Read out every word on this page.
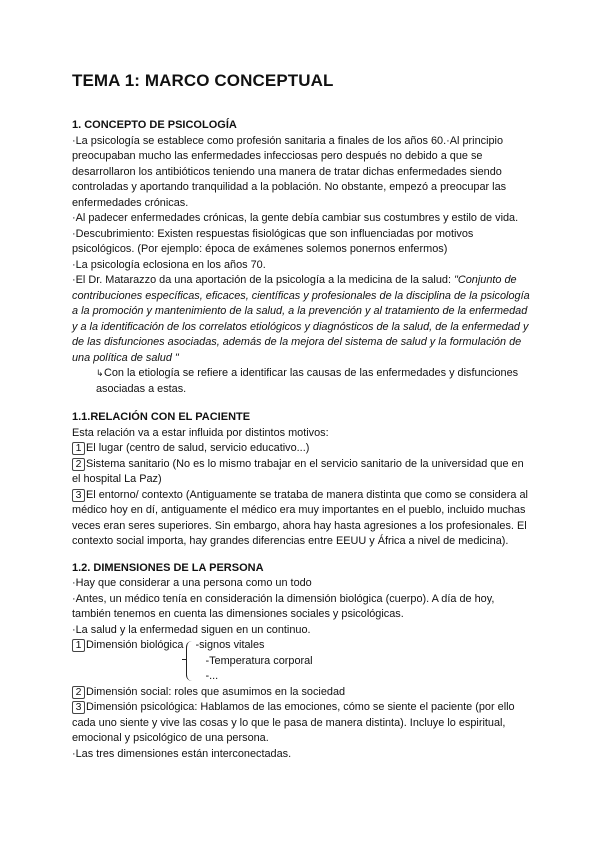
TEMA 1: MARCO CONCEPTUAL
1. CONCEPTO DE PSICOLOGÍA

·La psicología se establece como profesión sanitaria a finales de los años 60.·Al principio preocupaban mucho las enfermedades infecciosas pero después no debido a que se desarrollaron los antibióticos teniendo una manera de tratar dichas enfermedades siendo controladas y aportando tranquilidad a la población. No obstante, empezó a preocupar las enfermedades crónicas.

·Al padecer enfermedades crónicas, la gente debía cambiar sus costumbres y estilo de vida.

·Descubrimiento: Existen respuestas fisiológicas que son influenciadas por motivos psicológicos. (Por ejemplo: época de exámenes solemos ponernos enfermos)

·La psicología eclosiona en los años 70.

·El Dr. Matarazzo da una aportación de la psicología a la medicina de la salud: "Conjunto de contribuciones específicas, eficaces, científicas y profesionales de la disciplina de la psicología a la promoción y mantenimiento de la salud, a la prevención y al tratamiento de la enfermedad y a la identificación de los correlatos etiológicos y diagnósticos de la salud, de la enfermedad y de las disfunciones asociadas, además de la mejora del sistema de salud y la formulación de una política de salud "

↳Con la etiología se refiere a identificar las causas de las enfermedades y disfunciones asociadas a estas.

1.1.RELACIÓN CON EL PACIENTE

Esta relación va a estar influida por distintos motivos:

1 El lugar (centro de salud, servicio educativo...)

2 Sistema sanitario (No es lo mismo trabajar en el servicio sanitario de la universidad que en el hospital La Paz)

3 El entorno/ contexto (Antiguamente se trataba de manera distinta que como se considera al médico hoy en dí, antiguamente el médico era muy importantes en el pueblo, incluido muchas veces eran seres superiores. Sin embargo, ahora hay hasta agresiones a los profesionales. El contexto social importa, hay grandes diferencias entre EEUU y África a nivel de medicina).

1.2. DIMENSIONES DE LA PERSONA

·Hay que considerar a una persona como un todo

·Antes, un médico tenía en consideración la dimensión biológica (cuerpo). A día de hoy, también tenemos en cuenta las dimensiones sociales y psicológicas.

·La salud y la enfermedad siguen en un continuo.

1 Dimensión biológica -signos vitales

-Temperatura corporal

-...

2 Dimensión social: roles que asumimos en la sociedad

3 Dimensión psicológica: Hablamos de las emociones, cómo se siente el paciente (por ello cada uno siente y vive las cosas y lo que le pasa de manera distinta). Incluye lo espiritual, emocional y psicológico de una persona.

·Las tres dimensiones están interconectadas.
